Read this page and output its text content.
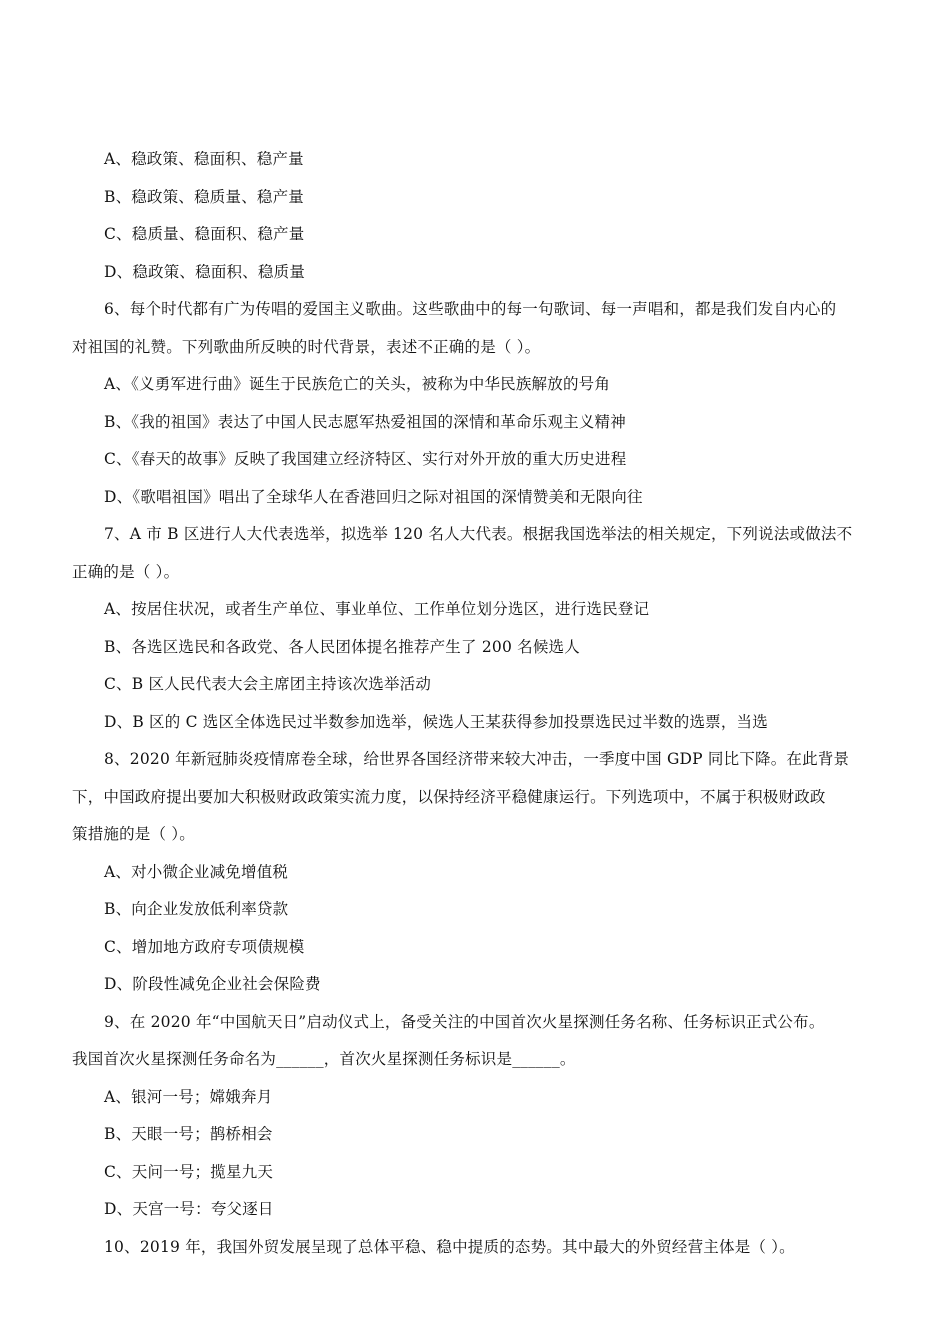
A、稳政策、稳面积、稳产量
B、稳政策、稳质量、稳产量
C、稳质量、稳面积、稳产量
D、稳政策、稳面积、稳质量
6、每个时代都有广为传唱的爱国主义歌曲。这些歌曲中的每一句歌词、每一声唱和，都是我们发自内心的
对祖国的礼赞。下列歌曲所反映的时代背景，表述不正确的是（ ）。
A、《义勇军进行曲》诞生于民族危亡的关头，被称为中华民族解放的号角
B、《我的祖国》表达了中国人民志愿军热爱祖国的深情和革命乐观主义精神
C、《春天的故事》反映了我国建立经济特区、实行对外开放的重大历史进程
D、《歌唱祖国》唱出了全球华人在香港回归之际对祖国的深情赞美和无限向往
7、A 市 B 区进行人大代表选举，拟选举 120 名人大代表。根据我国选举法的相关规定，下列说法或做法不
正确的是（ ）。
A、按居住状况，或者生产单位、事业单位、工作单位划分选区，进行选民登记
B、各选区选民和各政党、各人民团体提名推荐产生了 200 名候选人
C、B 区人民代表大会主席团主持该次选举活动
D、B 区的 C 选区全体选民过半数参加选举，候选人王某获得参加投票选民过半数的选票，当选
8、2020 年新冠肺炎疫情席卷全球，给世界各国经济带来较大冲击，一季度中国 GDP 同比下降。在此背景
下，中国政府提出要加大积极财政政策实流力度，以保持经济平稳健康运行。下列选项中，不属于积极财政政
策措施的是（ ）。
A、对小微企业减免增值税
B、向企业发放低利率贷款
C、增加地方政府专项债规模
D、阶段性减免企业社会保险费
9、在 2020 年“中国航天日”启动仪式上，备受关注的中国首次火星探测任务名称、任务标识正式公布。
我国首次火星探测任务命名为______，首次火星探测任务标识是______。
A、银河一号；嫦娥奔月
B、天眼一号；鹊桥相会
C、天问一号；揽星九天
D、天宫一号：夸父逐日
10、2019 年，我国外贸发展呈现了总体平稳、稳中提质的态势。其中最大的外贸经营主体是（ ）。
